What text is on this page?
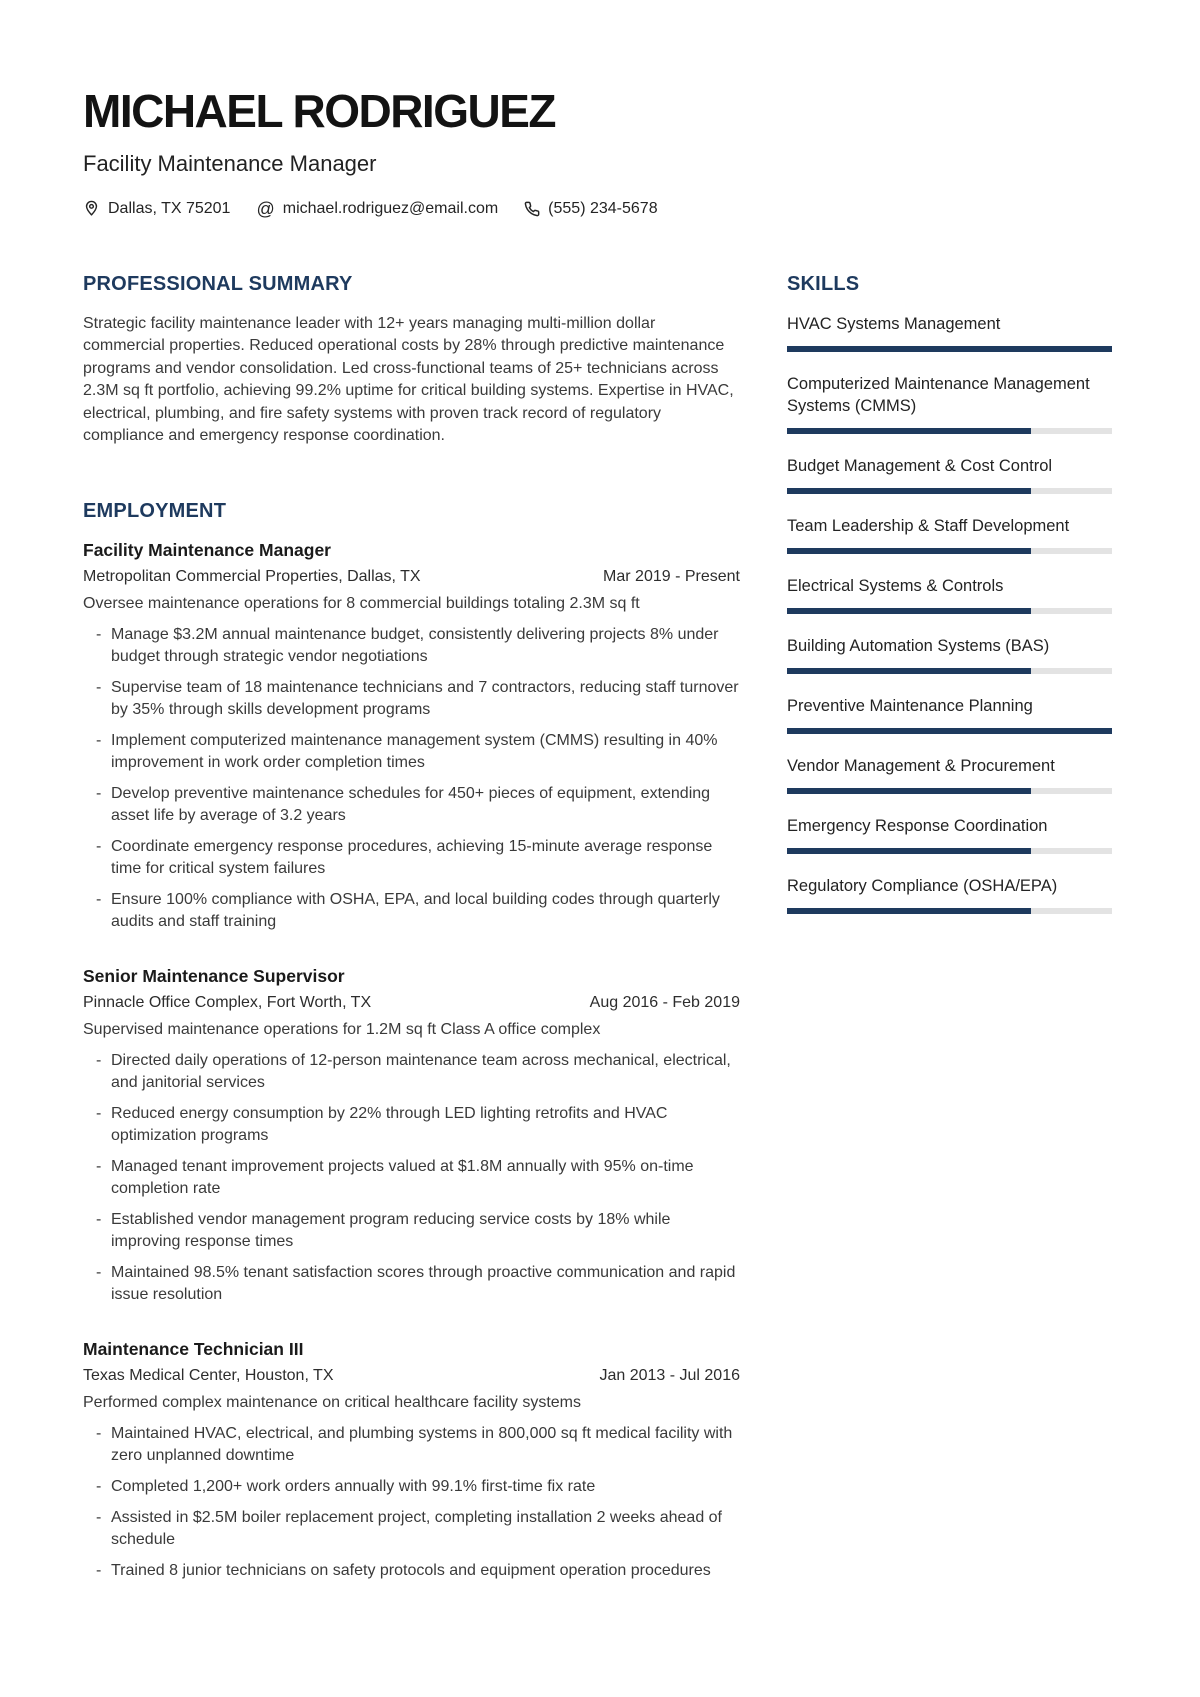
MICHAEL RODRIGUEZ
Facility Maintenance Manager
Dallas, TX 75201 @ michael.rodriguez@email.com	(555) 234-5678
PROFESSIONAL SUMMARY

Strategic facility maintenance leader with 12+ years managing multi-million dollar commercial properties. Reduced operational costs by 28% through predictive maintenance programs and vendor consolidation. Led cross-functional teams of 25+ technicians across 2.3M sq ft portfolio, achieving 99.2% uptime for critical building systems. Expertise in HVAC, electrical, plumbing, and fire safety systems with proven track record of regulatory compliance and emergency response coordination.

EMPLOYMENT
Facility Maintenance Manager
Metropolitan Commercial Properties, Dallas, TX	Mar 2019 - Present
Oversee maintenance operations for 8 commercial buildings totaling 2.3M sq ft
- Manage $3.2M annual maintenance budget, consistently delivering projects 8% under budget through strategic vendor negotiations
- Supervise team of 18 maintenance technicians and 7 contractors, reducing staff turnover by 35% through skills development programs
- Implement computerized maintenance management system (CMMS) resulting in 40% improvement in work order completion times
- Develop preventive maintenance schedules for 450+ pieces of equipment, extending asset life by average of 3.2 years
- Coordinate emergency response procedures, achieving 15-minute average response time for critical system failures
- Ensure 100% compliance with OSHA, EPA, and local building codes through quarterly audits and staff training
Senior Maintenance Supervisor
Pinnacle Office Complex, Fort Worth, TX	Aug 2016 - Feb 2019
Supervised maintenance operations for 1.2M sq ft Class A office complex
- Directed daily operations of 12-person maintenance team across mechanical, electrical, and janitorial services
- Reduced energy consumption by 22% through LED lighting retrofits and HVAC optimization programs
- Managed tenant improvement projects valued at $1.8M annually with 95% on-time completion rate
- Established vendor management program reducing service costs by 18% while improving response times
- Maintained 98.5% tenant satisfaction scores through proactive communication and rapid issue resolution
Maintenance Technician III
Texas Medical Center, Houston, TX	Jan 2013 - Jul 2016
Performed complex maintenance on critical healthcare facility systems
- Maintained HVAC, electrical, and plumbing systems in 800,000 sq ft medical facility with zero unplanned downtime
- Completed 1,200+ work orders annually with 99.1% first-time fix rate
- Assisted in $2.5M boiler replacement project, completing installation 2 weeks ahead of schedule
- Trained 8 junior technicians on safety protocols and equipment operation procedures
SKILLS
HVAC Systems Management
Computerized Maintenance Management Systems (CMMS)
Budget Management & Cost Control
Team Leadership & Staff Development
Electrical Systems & Controls
Building Automation Systems (BAS)
Preventive Maintenance Planning
Vendor Management & Procurement
Emergency Response Coordination
Regulatory Compliance (OSHA/EPA)
